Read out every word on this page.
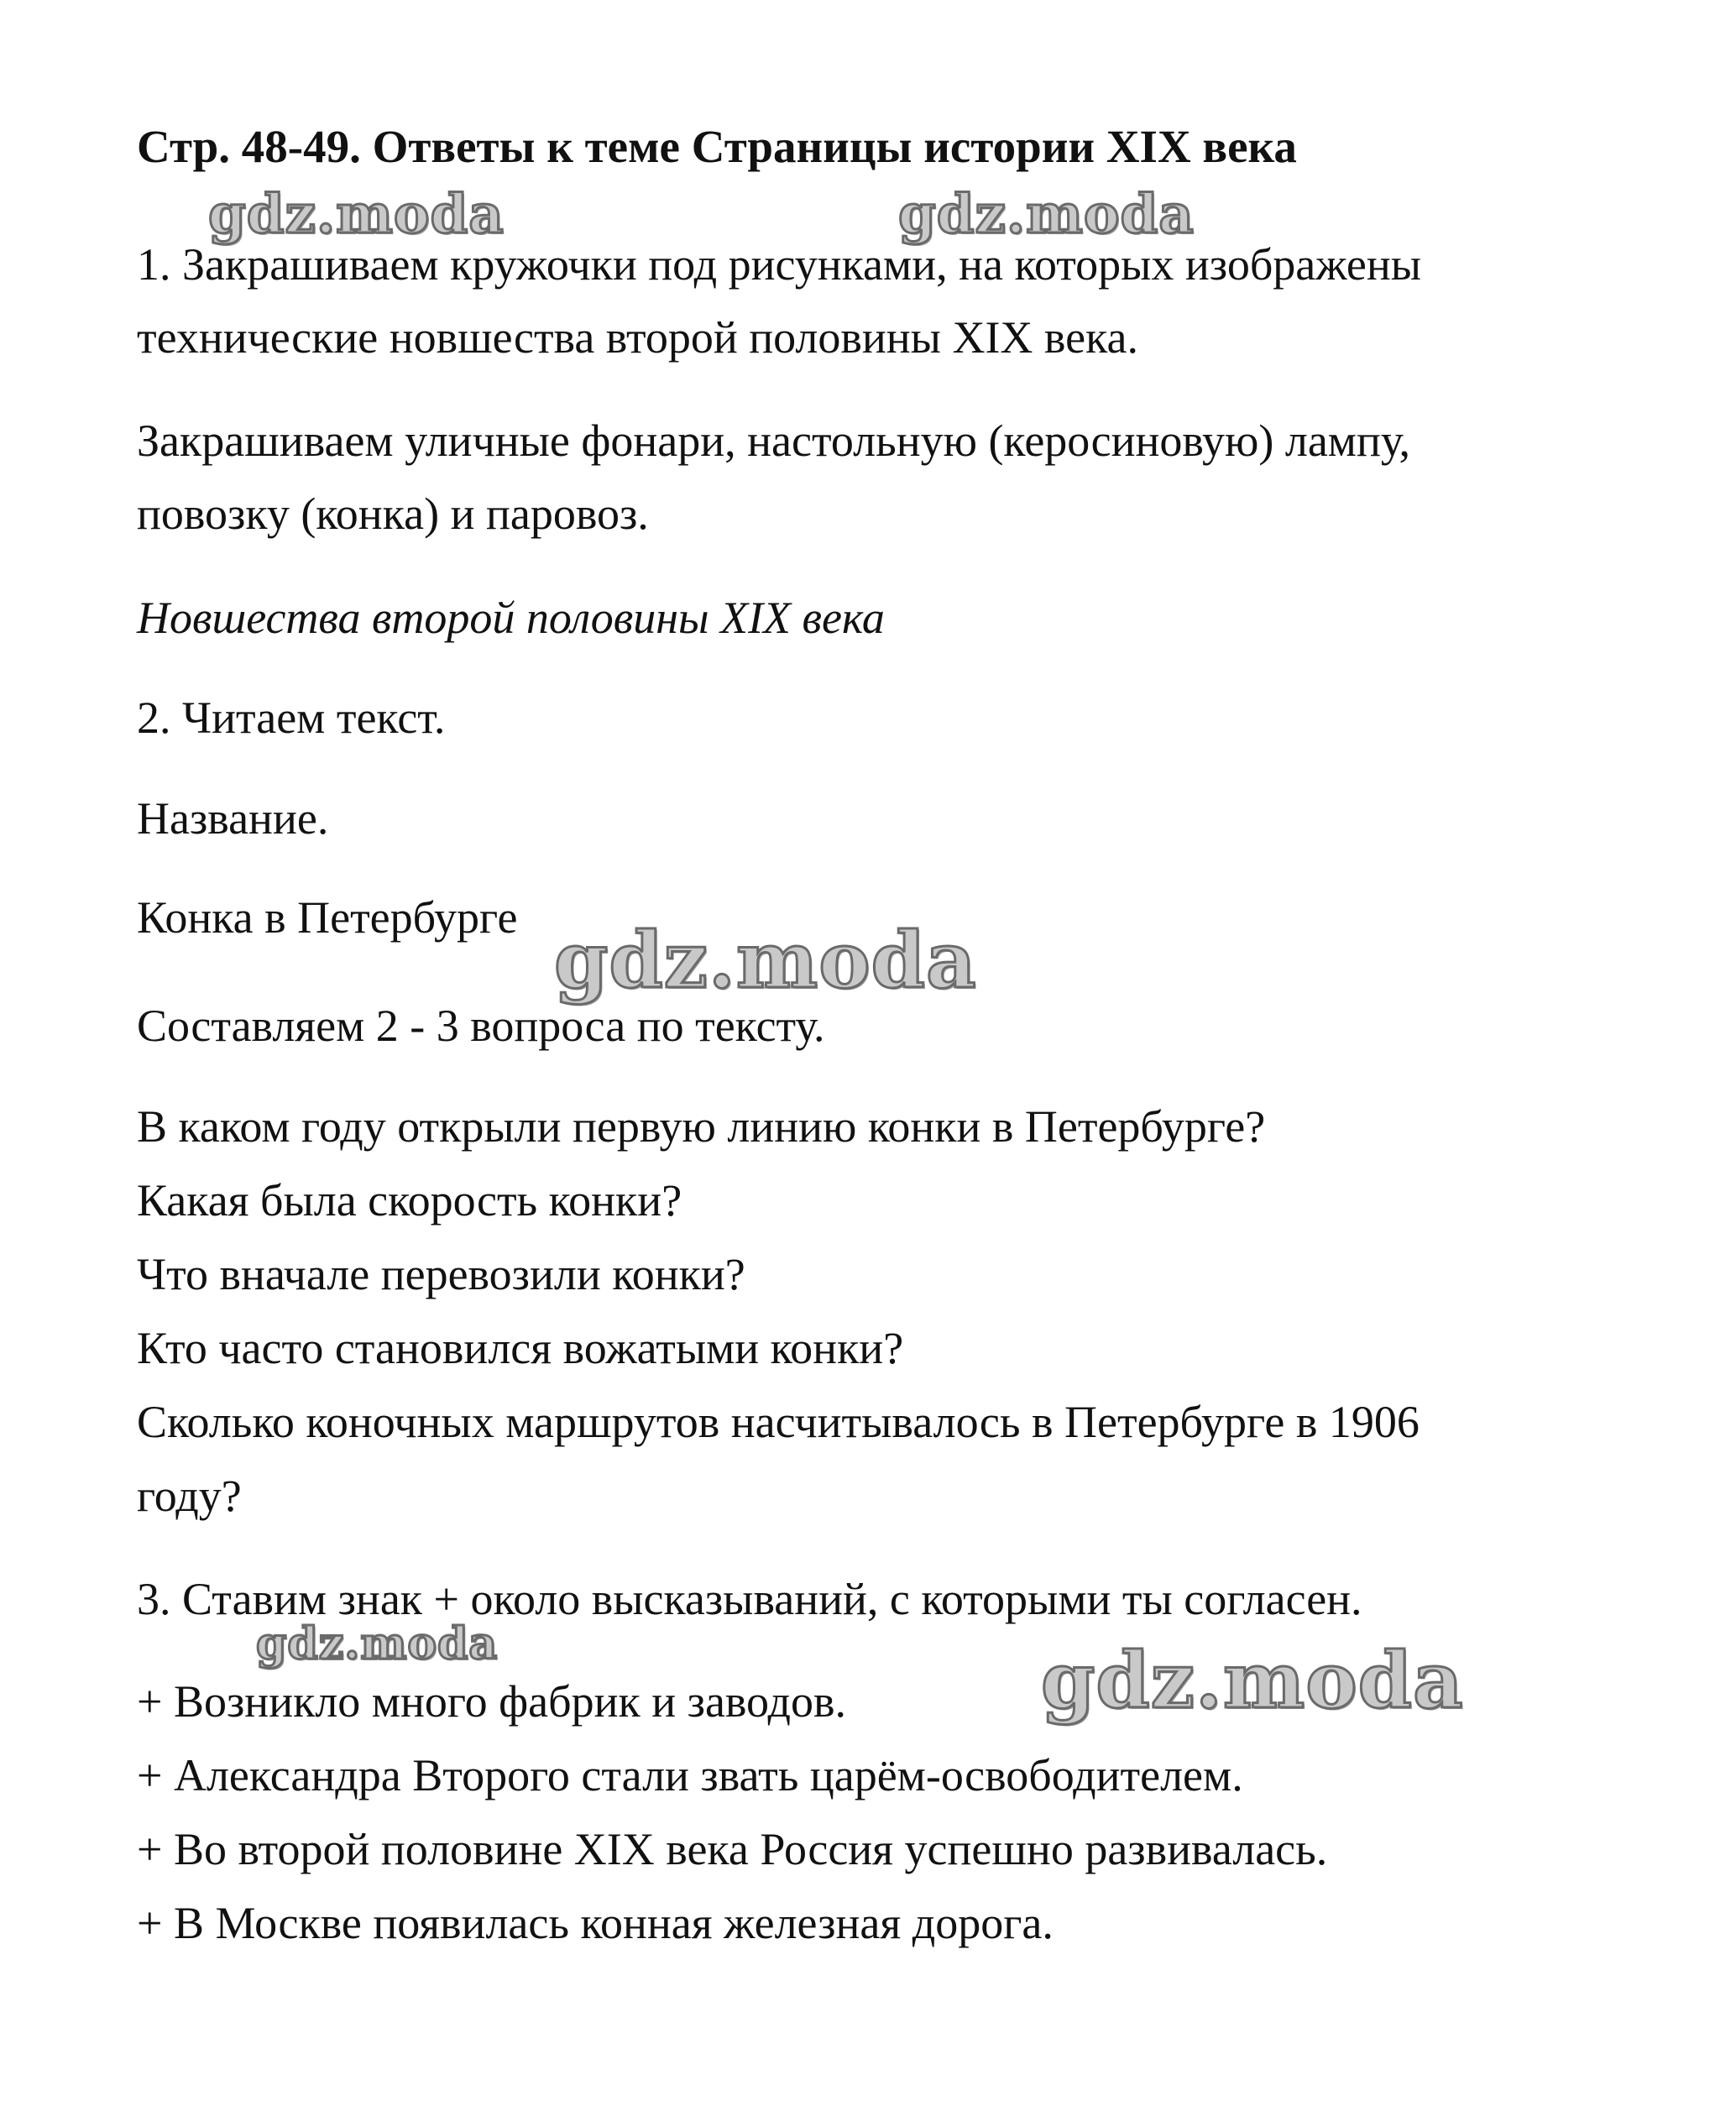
Стр. 48-49. Ответы к теме Страницы истории XIX века
gdz.moda	gdz.moda
1. Закрашиваем кружочки под рисунками, на которых изображены
технические новшества второй половины XIX века.
Закрашиваем уличные фонари, настольную (керосиновую) лампу,
повозку (конка) и паровоз.
Новшества второй половины XIX века
2. Читаем текст.
Название.
Конка в Петербурге gdz.moda
Составляем 2 - 3 вопроса по тексту.
В каком году открыли первую линию конки в Петербурге?
Какая была скорость конки?
Что вначале перевозили конки?
Кто часто становился вожатыми конки?
Сколько коночных маршрутов насчитывалось в Петербурге в 1906
году?
3. Ставим знак + около высказываний, с которыми ты согласен.
gdz.moda	gdz.moda
+ Возникло много фабрик и заводов.
+ Александра Второго стали звать царём-освободителем.
+ Во второй половине XIX века Россия успешно развивалась.
+ В Москве появилась конная железная дорога.
